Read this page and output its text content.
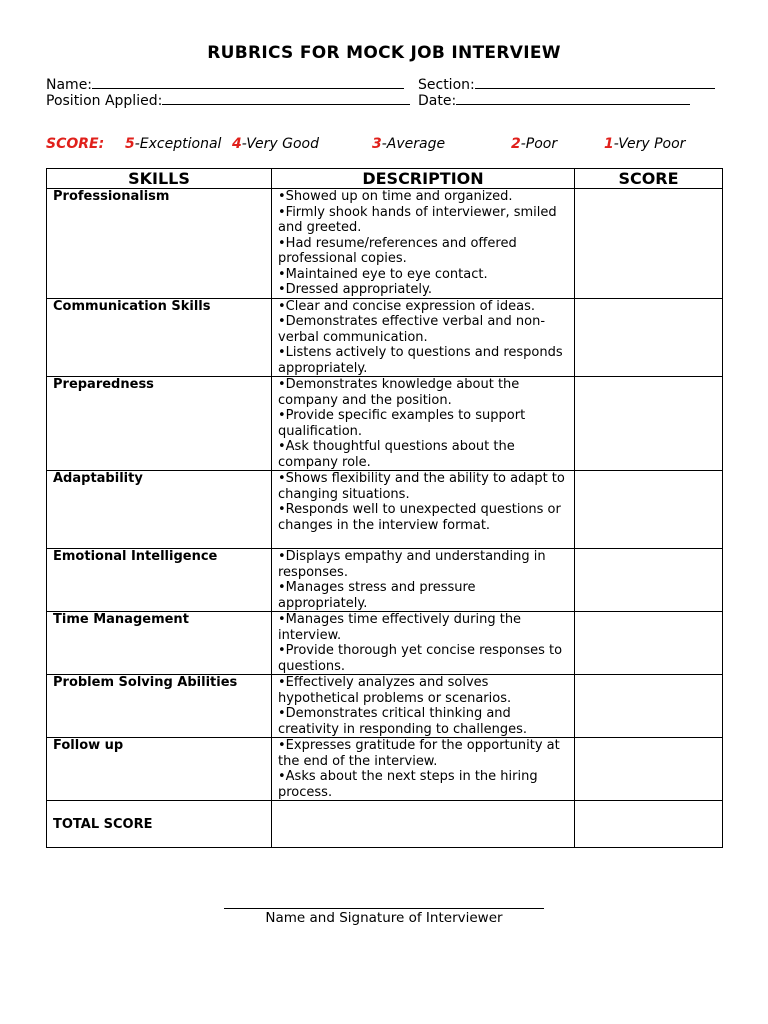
RUBRICS FOR MOCK JOB INTERVIEW
Name:	Section:
Position Applied:	Date:
SCORE: 5-Exceptional 4-Very Good	3-Average	2-Poor	1-Very Poor
SKILLS	DESCRIPTION	SCORE
Professionalism	•Showed up on time and organized.
•Firmly shook hands of interviewer, smiled and greeted.
•Had resume/references and offered professional copies.
•Maintained eye to eye contact.
•Dressed appropriately.	

Communication Skills	•Clear and concise expression of ideas.
•Demonstrates effective verbal and non-verbal communication.
•Listens actively to questions and responds appropriately.	

Preparedness	•Demonstrates knowledge about the company and the position.
•Provide specific examples to support qualification.
•Ask thoughtful questions about the company role.	

Adaptability	•Shows flexibility and the ability to adapt to changing situations.
•Responds well to unexpected questions or changes in the interview format.	

Emotional Intelligence	•Displays empathy and understanding in responses.
•Manages stress and pressure appropriately.	

Time Management	•Manages time effectively during the interview.
•Provide thorough yet concise responses to questions.	

Problem Solving Abilities	•Effectively analyzes and solves hypothetical problems or scenarios.
•Demonstrates critical thinking and creativity in responding to challenges.	

Follow up	•Expresses gratitude for the opportunity at the end of the interview.
•Asks about the next steps in the hiring process.	

TOTAL SCORE		
Name and Signature of Interviewer
